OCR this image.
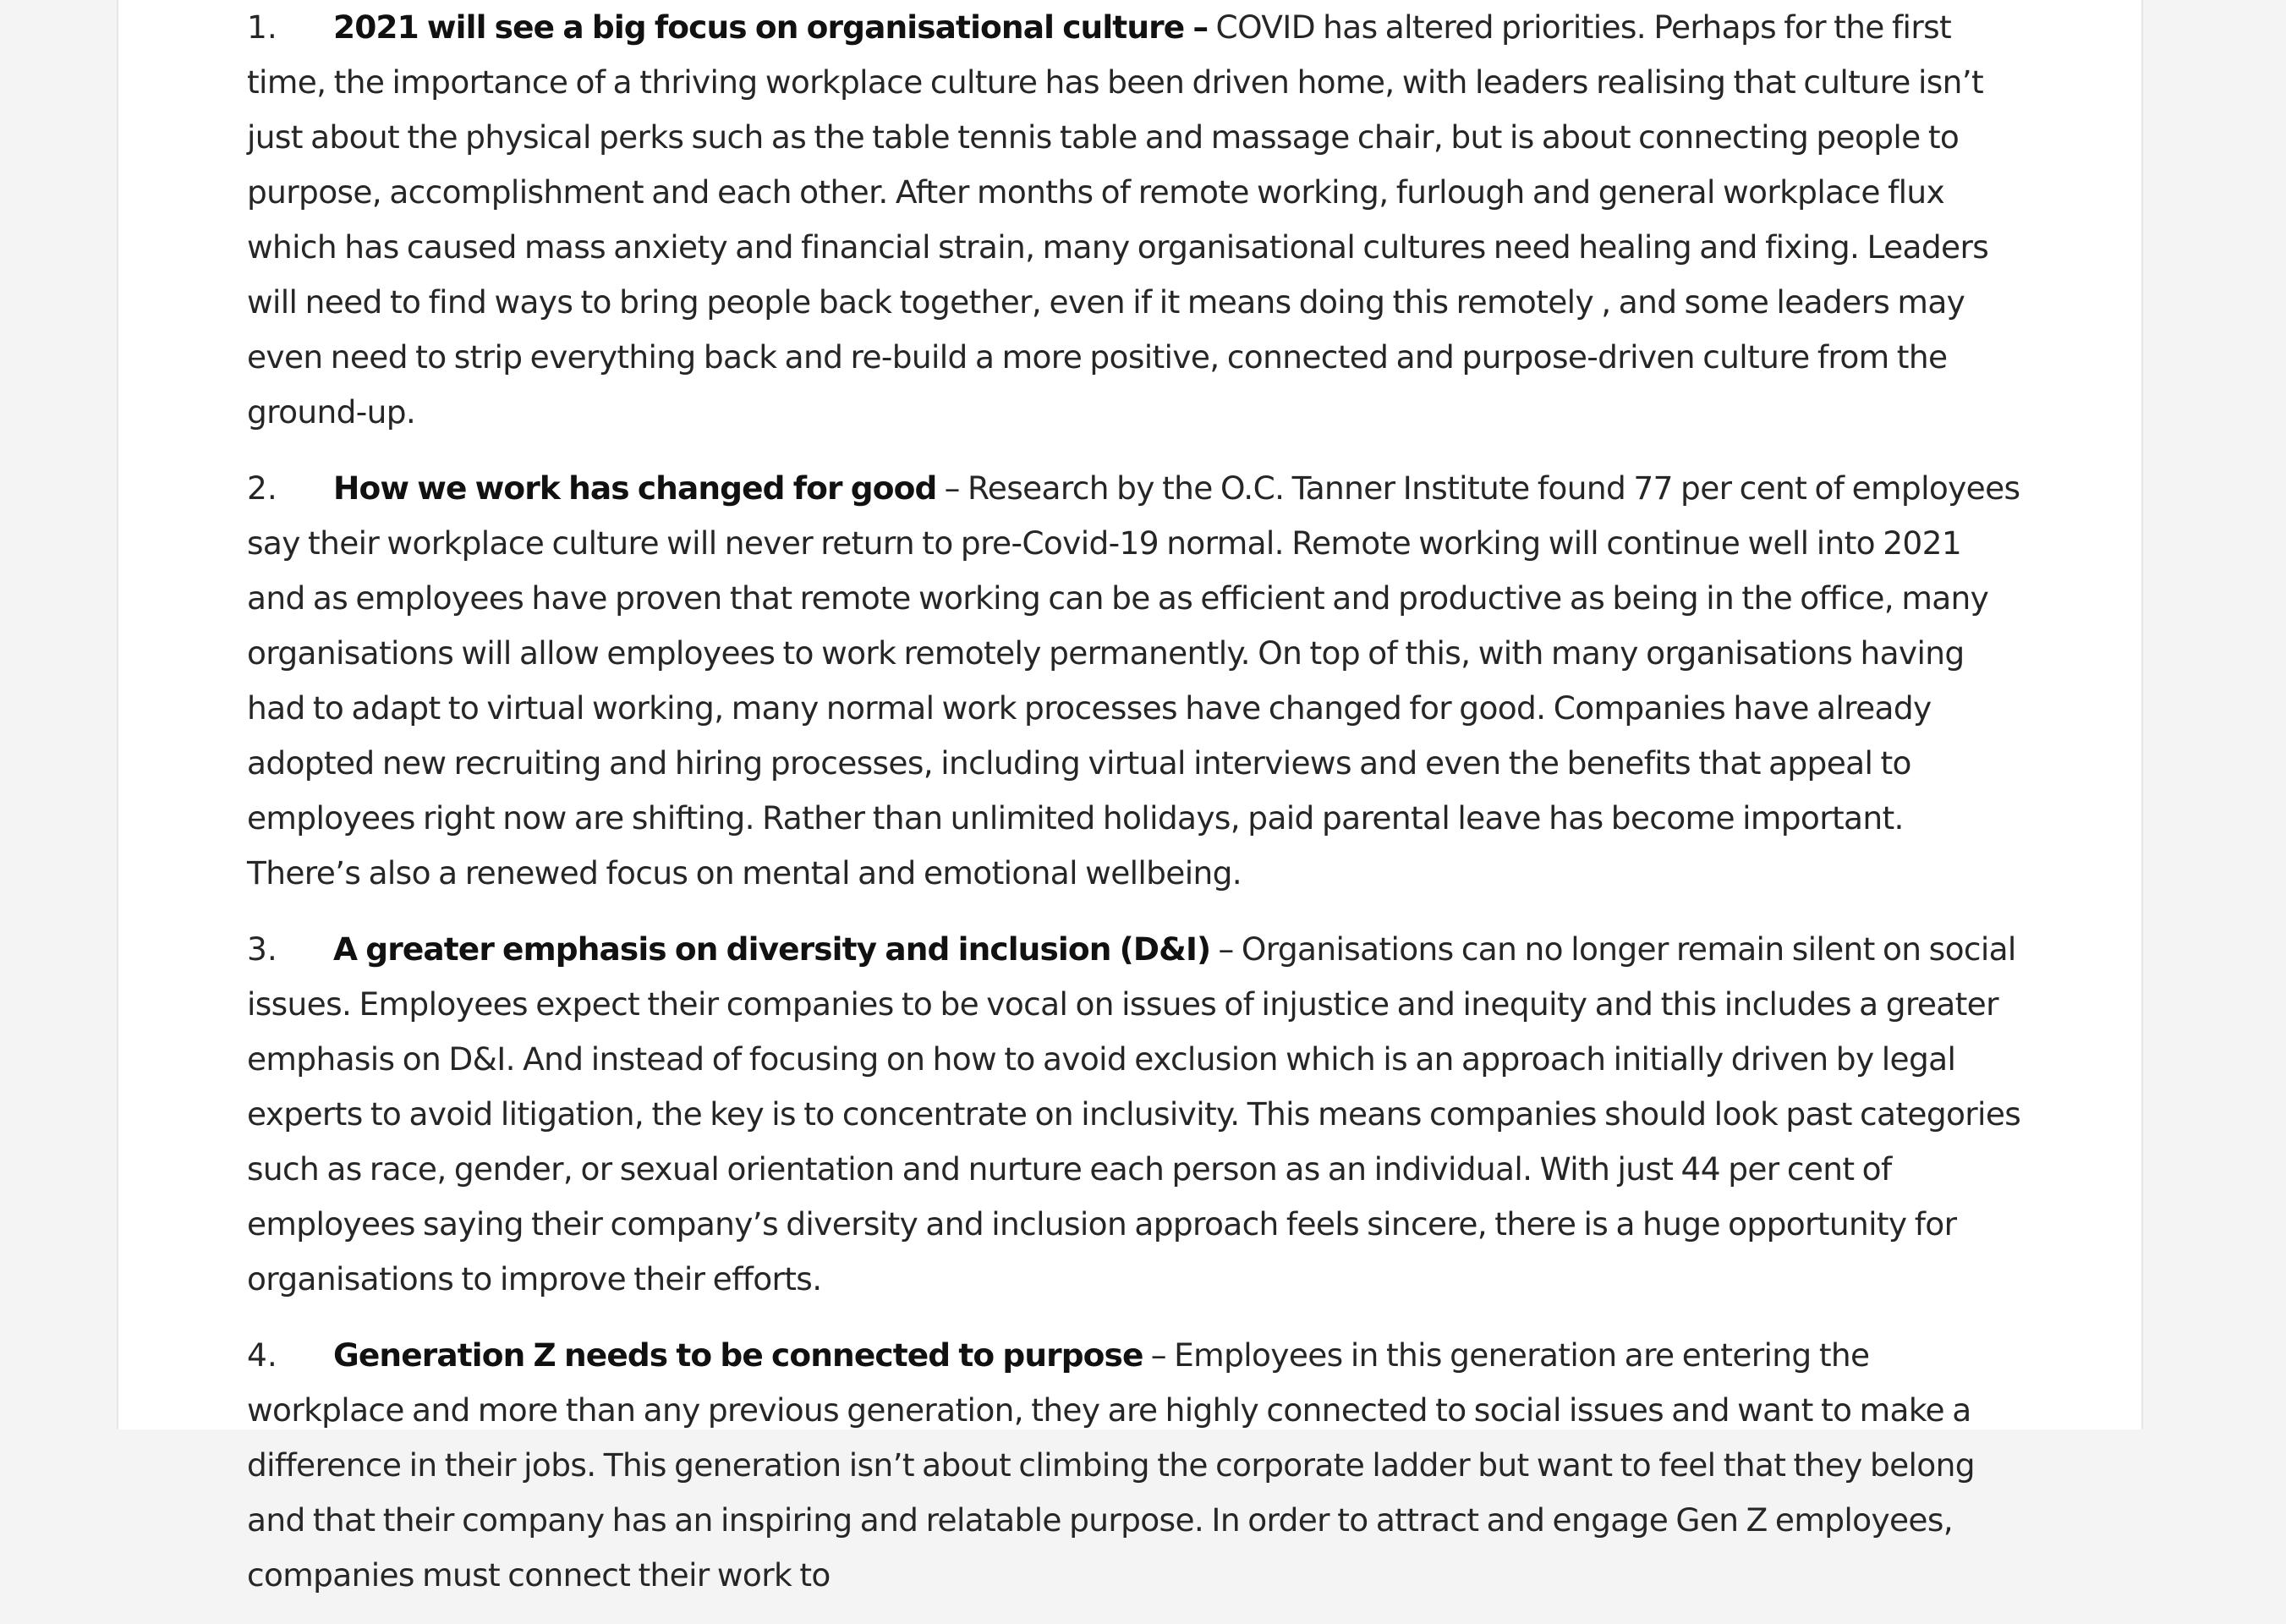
1.	2021 will see a big focus on organisational culture – COVID has altered priorities. Perhaps for the first time, the importance of a thriving workplace culture has been driven home, with leaders realising that culture isn’t just about the physical perks such as the table tennis table and massage chair, but is about connecting people to purpose, accomplishment and each other. After months of remote working, furlough and general workplace flux which has caused mass anxiety and financial strain, many organisational cultures need healing and fixing. Leaders will need to find ways to bring people back together, even if it means doing this remotely , and some leaders may even need to strip everything back and re-build a more positive, connected and purpose-driven culture from the ground-up.

2.	How we work has changed for good – Research by the O.C. Tanner Institute found 77 per cent of employees say their workplace culture will never return to pre-Covid-19 normal. Remote working will continue well into 2021 and as employees have proven that remote working can be as efficient and productive as being in the office, many organisations will allow employees to work remotely permanently. On top of this, with many organisations having had to adapt to virtual working, many normal work processes have changed for good. Companies have already adopted new recruiting and hiring processes, including virtual interviews and even the benefits that appeal to employees right now are shifting. Rather than unlimited holidays, paid parental leave has become important. There’s also a renewed focus on mental and emotional wellbeing.

3.	A greater emphasis on diversity and inclusion (D&I) – Organisations can no longer remain silent on social issues. Employees expect their companies to be vocal on issues of injustice and inequity and this includes a greater emphasis on D&I. And instead of focusing on how to avoid exclusion which is an approach initially driven by legal experts to avoid litigation, the key is to concentrate on inclusivity. This means companies should look past categories such as race, gender, or sexual orientation and nurture each person as an individual. With just 44 per cent of employees saying their company’s diversity and inclusion approach feels sincere, there is a huge opportunity for organisations to improve their efforts.

4.	Generation Z needs to be connected to purpose – Employees in this generation are entering the workplace and more than any previous generation, they are highly connected to social issues and want to make a difference in their jobs. This generation isn’t about climbing the corporate ladder but want to feel that they belong and that their company has an inspiring and relatable purpose. In order to attract and engage Gen Z employees, companies must connect their work to
